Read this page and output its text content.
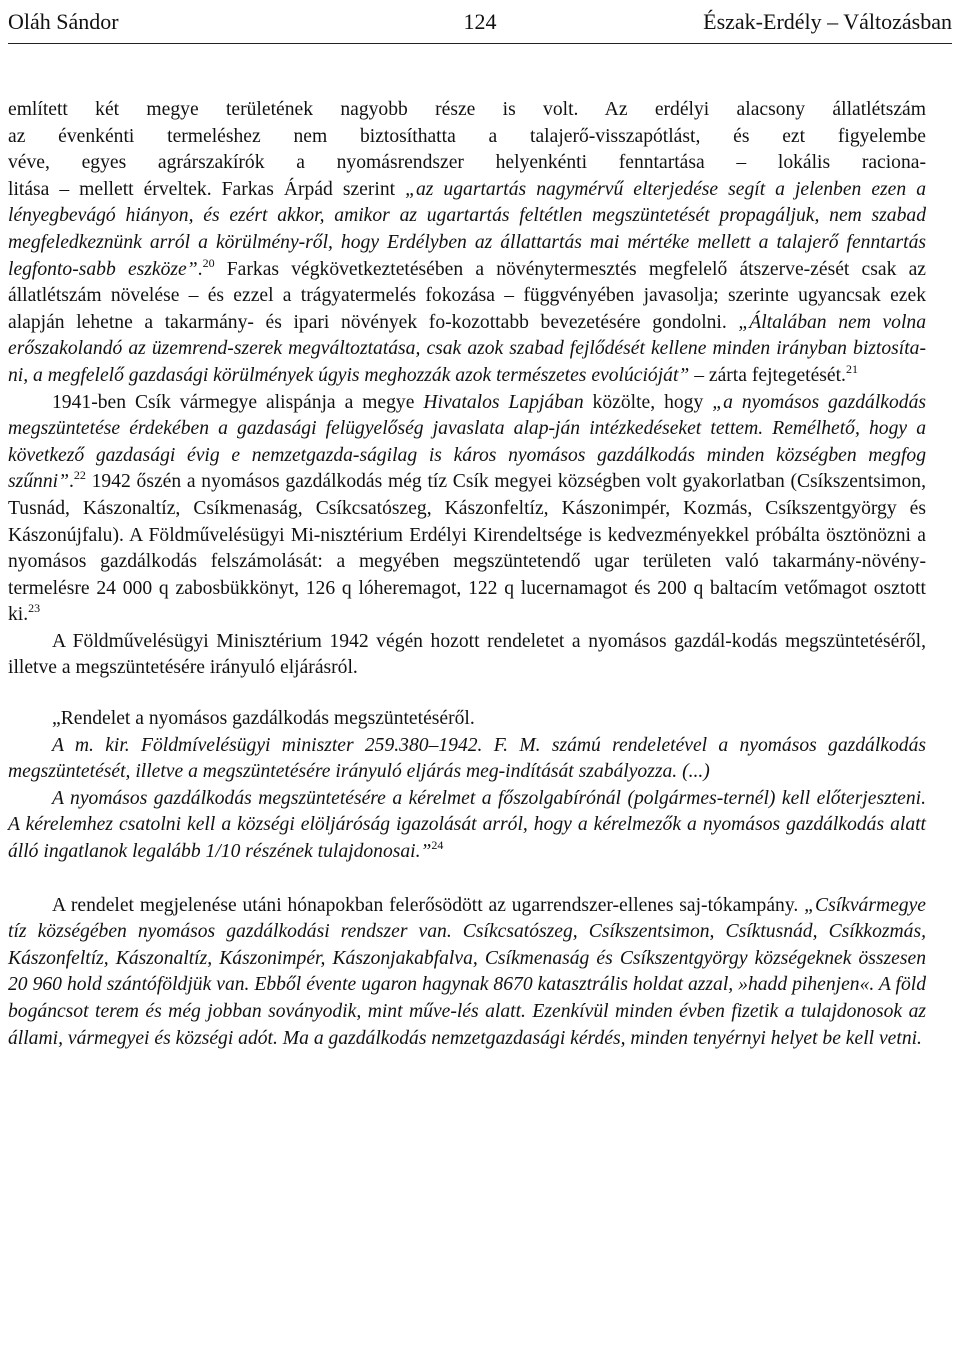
Oláh Sándor	124	Észak-Erdély – Változásban

említett két megye területének nagyobb része is volt. Az erdélyi alacsony állatlétszám
az évenkénti termeléshez nem biztosíthatta a talajerő-visszapótlást, és ezt figyelembe
véve, egyes agrárszakírók a nyomásrendszer helyenkénti fenntartása – lokális raciona-
litása – mellett érveltek. Farkas Árpád szerint „az ugartartás nagymérvű elterjedése segít a jelenben ezen a lényegbevágó hiányon, és ezért akkor, amikor az ugartartás feltétlen megszüntetését propagáljuk, nem szabad megfeledkeznünk arról a körülmény-ről, hogy Erdélyben az állattartás mai mértéke mellett a talajerő fenntartás legfonto-sabb eszköze”.$^{20}$ Farkas végkövetkeztetésében a növénytermesztés megfelelő átszerve-zését csak az állatlétszám növelése – és ezzel a trágyatermelés fokozása – függvényében javasolja; szerinte ugyancsak ezek alapján lehetne a takarmány- és ipari növények fo-kozottabb bevezetésére gondolni. „Általában nem volna erőszakolandó az üzemrend-szerek megváltoztatása, csak azok szabad fejlődését kellene minden irányban biztosíta-ni, a megfelelő gazdasági körülmények úgyis meghozzák azok természetes evolúcióját” – zárta fejtegetését.$^{21}$

1941-ben Csík vármegye alispánja a megye Hivatalos Lapjában közölte, hogy „a nyomásos gazdálkodás megszüntetése érdekében a gazdasági felügyelőség javaslata alap-ján intézkedéseket tettem. Remélhető, hogy a következő gazdasági évig e nemzetgazda-ságilag is káros nyomásos gazdálkodás minden községben megfog szűnni”.$^{22}$ 1942 őszén a nyomásos gazdálkodás még tíz Csík megyei községben volt gyakorlatban (Csíkszentsimon, Tusnád, Kászonaltíz, Csíkmenaság, Csíkcsatószeg, Kászonfeltíz, Kászonimpér, Kozmás, Csíkszentgyörgy és Kászonújfalu). A Földművelésügyi Mi-nisztérium Erdélyi Kirendeltsége is kedvezményekkel próbálta ösztönözni a nyomásos gazdálkodás felszámolását: a megyében megszüntetendő ugar területen való takarmány-növény-termelésre 24 000 q zabosbükkönyt, 126 q lóheremagot, 122 q lucernamagot és 200 q baltacím vetőmagot osztott ki.$^{23}$

A Földművelésügyi Minisztérium 1942 végén hozott rendeletet a nyomásos gazdál-kodás megszüntetéséről, illetve a megszüntetésére irányuló eljárásról.

„Rendelet a nyomásos gazdálkodás megszüntetéséről.

A m. kir. Földmívelésügyi miniszter 259.380–1942. F. M. számú rendeletével a nyomásos gazdálkodás megszüntetését, illetve a megszüntetésére irányuló eljárás meg-indítását szabályozza. (...)

A nyomásos gazdálkodás megszüntetésére a kérelmet a főszolgabírónál (polgármes-ternél) kell előterjeszteni. A kérelemhez csatolni kell a községi elöljáróság igazolását arról, hogy a kérelmezők a nyomásos gazdálkodás alatt álló ingatlanok legalább 1/10 részének tulajdonosai.”$^{24}$

A rendelet megjelenése utáni hónapokban felerősödött az ugarrendszer-ellenes saj-tókampány. „Csíkvármegye tíz községében nyomásos gazdálkodási rendszer van. Csíkcsatószeg, Csíkszentsimon, Csíktusnád, Csíkkozmás, Kászonfeltíz, Kászonaltíz, Kászonimpér, Kászonjakabfalva, Csíkmenaság és Csíkszentgyörgy községeknek összesen 20 960 hold szántóföldjük van. Ebből évente ugaron hagynak 8670 katasztrális holdat azzal, »hadd pihenjen«. A föld bogáncsot terem és még jobban soványodik, mint műve-lés alatt. Ezenkívül minden évben fizetik a tulajdonosok az állami, vármegyei és községi adót. Ma a gazdálkodás nemzetgazdasági kérdés, minden tenyérnyi helyet be kell vetni.
